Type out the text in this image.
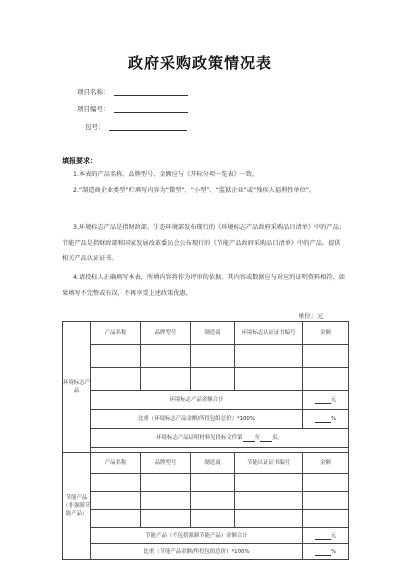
政府采购政策情况表
项目名称：
项目编号：
包号：
填报要求：
1.本表的产品名称、品牌型号、金额应与《开标分项一览表》一致。
2.“制造商企业类型”栏填写内容为“微型”、“小型”、“监狱企业”或“残疾人福利性单位”。
3.环境标志产品是指财政部、生态环境部发布现行的《环境标志产品政府采购品目清单》中的产品；节能产品是指财政部和国家发展改革委员会公布现行的《节能产品政府采购品目清单》中的产品。提供相关产品认证证书。
4.请投标人正确填写本表，所填内容将作为评审的依据。其内容或数据应与对应的证明资料相符，如果填写不完整或有误，不再享受上述政策优惠。
单位：元
环境标志产品	产品名称	品牌型号	制造商	环境标志认证证书编号	金额

	环境标志产品金额合计				元
	比重（环境标志产品金额/所投包组总价）*100%				%
	环境标志产品证明材料见投标文件第 至 页。				

节能产品（非强制节能产品）	产品名称	品牌型号	制造商	节能认证证书编号	金额

	节能产品（不包括强制节能产品）金额合计				元
	比重（节能产品金额/所投包组总价）*100%				%
